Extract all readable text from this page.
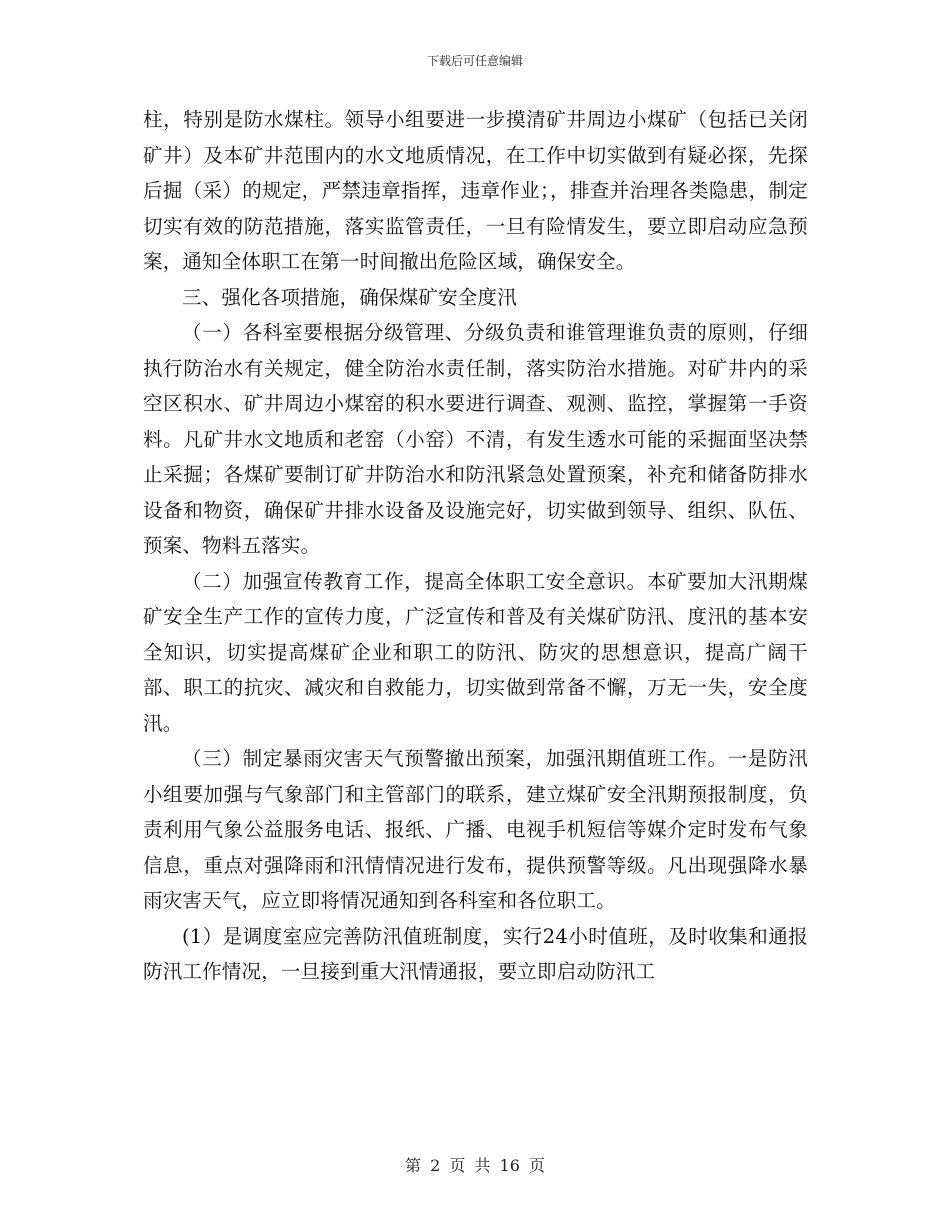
下载后可任意编辑

柱，特别是防水煤柱。领导小组要进一步摸清矿井周边小煤矿（包括已关闭矿井）及本矿井范围内的水文地质情况，在工作中切实做到有疑必探，先探后掘（采）的规定，严禁违章指挥，违章作业；，排查并治理各类隐患，制定切实有效的防范措施，落实监管责任，一旦有险情发生，要立即启动应急预案，通知全体职工在第一时间撤出危险区域，确保安全。

三、强化各项措施，确保煤矿安全度汛

（一）各科室要根据分级管理、分级负责和谁管理谁负责的原则，仔细执行防治水有关规定，健全防治水责任制，落实防治水措施。对矿井内的采空区积水、矿井周边小煤窑的积水要进行调查、观测、监控，掌握第一手资料。凡矿井水文地质和老窑（小窑）不清，有发生透水可能的采掘面坚决禁止采掘；各煤矿要制订矿井防治水和防汛紧急处置预案，补充和储备防排水设备和物资，确保矿井排水设备及设施完好，切实做到领导、组织、队伍、预案、物料五落实。

（二）加强宣传教育工作，提高全体职工安全意识。本矿要加大汛期煤矿安全生产工作的宣传力度，广泛宣传和普及有关煤矿防汛、度汛的基本安全知识，切实提高煤矿企业和职工的防汛、防灾的思想意识，提高广阔干部、职工的抗灾、减灾和自救能力，切实做到常备不懈，万无一失，安全度汛。

（三）制定暴雨灾害天气预警撤出预案，加强汛期值班工作。一是防汛小组要加强与气象部门和主管部门的联系，建立煤矿安全汛期预报制度，负责利用气象公益服务电话、报纸、广播、电视手机短信等媒介定时发布气象信息，重点对强降雨和汛情情况进行发布，提供预警等级。凡出现强降水暴雨灾害天气，应立即将情况通知到各科室和各位职工。

(1）是调度室应完善防汛值班制度，实行24小时值班，及时收集和通报防汛工作情况，一旦接到重大汛情通报，要立即启动防汛工

第 2 页 共 16 页
